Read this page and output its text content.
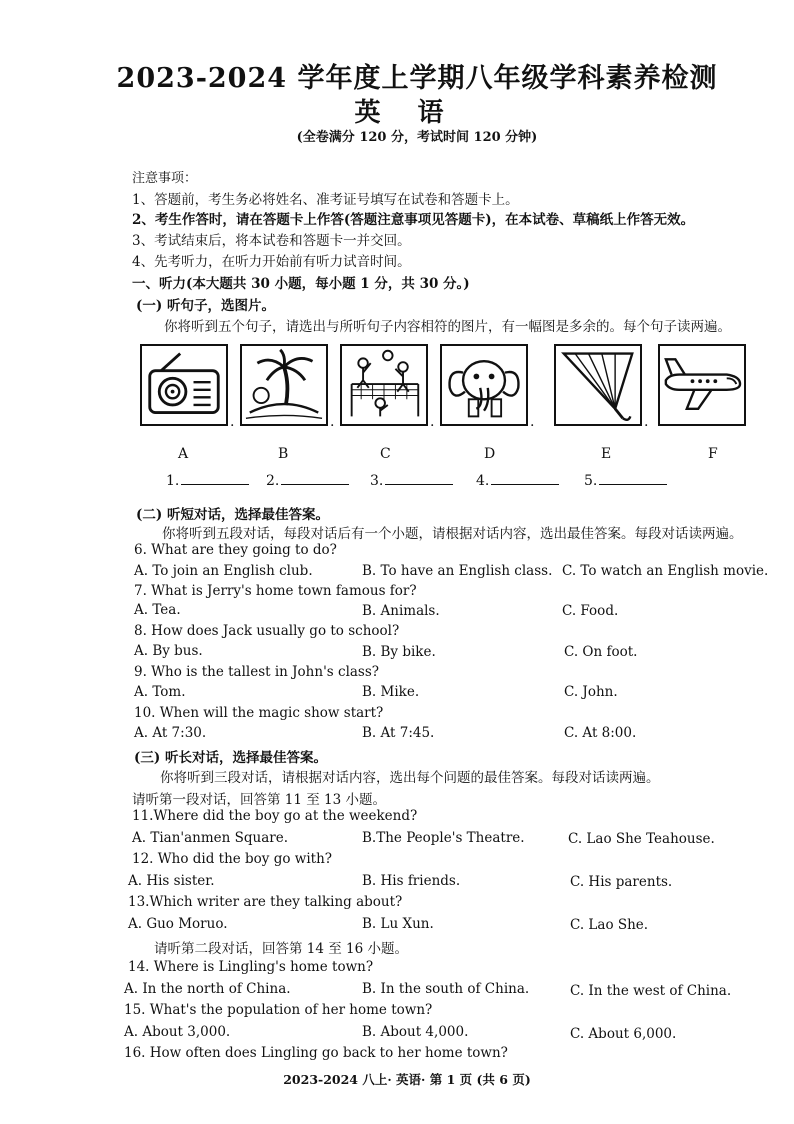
2023-2024 学年度上学期八年级学科素养检测
英 语
(全卷满分 120 分，考试时间 120 分钟)
注意事项：
1、答题前，考生务必将姓名、准考证号填写在试卷和答题卡上。
2、考生作答时，请在答题卡上作答(答题注意事项见答题卡)，在本试卷、草稿纸上作答无效。
3、考试结束后，将本试卷和答题卡一并交回。
4、先考听力，在听力开始前有听力试音时间。
一、听力(本大题共 30 小题，每小题 1 分，共 30 分。)
(一) 听句子，选图片。
你将听到五个句子，请选出与所听句子内容相符的图片，有一幅图是多余的。每个句子读两遍。
.	.	.	.	.
A	B	C	D	E	F
1.	2.	3.	4.	5.
(二) 听短对话，选择最佳答案。
你将听到五段对话，每段对话后有一个小题，请根据对话内容，选出最佳答案。每段对话读两遍。
6. What are they going to do?
A. To join an English club.	B. To have an English class. C. To watch an English movie.
7. What is Jerry's home town famous for?
A. Tea.	B. Animals.	C. Food.
8. How does Jack usually go to school?
A. By bus.	B. By bike.	C. On foot.
9. Who is the tallest in John's class?
A. Tom.	B. Mike.	C. John.
10. When will the magic show start?
A. At 7:30.	B. At 7:45.	C. At 8:00.
(三) 听长对话，选择最佳答案。
你将听到三段对话，请根据对话内容，选出每个问题的最佳答案。每段对话读两遍。
请听第一段对话，回答第 11 至 13 小题。
11.Where did the boy go at the weekend?
A. Tian'anmen Square.	B.The People's Theatre.	C. Lao She Teahouse.
12. Who did the boy go with?
A. His sister.	B. His friends.	C. His parents.
13.Which writer are they talking about?
A. Guo Moruo.	B. Lu Xun.	C. Lao She.
请听第二段对话，回答第 14 至 16 小题。
14. Where is Lingling's home town?
A. In the north of China.	B. In the south of China.	C. In the west of China.
15. What's the population of her home town?
A. About 3,000.	B. About 4,000.	C. About 6,000.
16. How often does Lingling go back to her home town?
2023-2024 八上· 英语· 第 1 页 (共 6 页)
